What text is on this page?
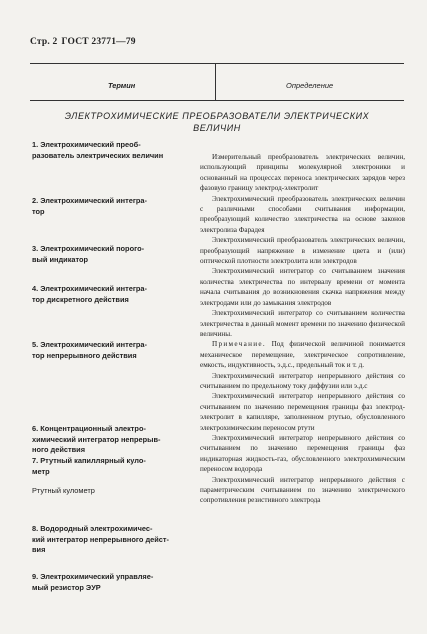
Стр. 2 ГОСТ 23771—79
Термин	Определение
ЭЛЕКТРОХИМИЧЕСКИЕ ПРЕОБРАЗОВАТЕЛИ ЭЛЕКТРИЧЕСКИХ
ВЕЛИЧИН
1. Электрохимический преоб-
разователь электрических величин
2. Электрохимический интегра-
тор
3. Электрохимический порого-
вый индикатор
4. Электрохимический интегра-
тор дискретного действия
5. Электрохимический интегра-
тор непрерывного действия
6. Концентрационный электро-
химический интегратор непрерыв-
ного действия
7. Ртутный капиллярный куло-
метр
Ртутный кулометр
8. Водородный электрохимичес-
кий интегратор непрерывного дейст-
вия
9. Электрохимический управляе-
мый резистор ЭУР

Измерительный преобразователь электрических величин, использующий принципы молекулярной электроники и основанный на процессах переноса электрических зарядов через фазовую границу электрод-электролит

Электрохимический преобразователь электрических величин с различными способами считывания информации, преобразующий количество электричества на основе законов электролиза Фарадея

Электрохимический преобразователь электрических величин, преобразующий напряжение в изменение цвета и (или) оптической плотности электролита или электродов

Электрохимический интегратор со считыванием значения количества электричества по интервалу времени от момента начала считывания до возникновения скачка напряжения между электродами или до замыкания электродов

Электрохимический интегратор со считыванием количества электричества в данный момент времени по значению физической величины.

Примечание. Под физической величиной понимается механическое перемещение, электрическое сопротивление, емкость, индуктивность, э.д.с., предельный ток и т. д.

Электрохимический интегратор непрерывного действия со считыванием по предельному току диффузии или э.д.с

Электрохимический интегратор непрерывного действия со считыванием по значению перемещения границы фаз электрод-электролит в капилляре, заполненном ртутью, обусловленного электрохимическим переносом ртути

Электрохимический интегратор непрерывного действия со считыванием по значению перемещения границы фаз индикаторная жидкость-газ, обусловленного электрохимическим переносом водорода

Электрохимический интегратор непрерывного действия с параметрическим считыванием по значению электрического сопротивления резистивного электрода
